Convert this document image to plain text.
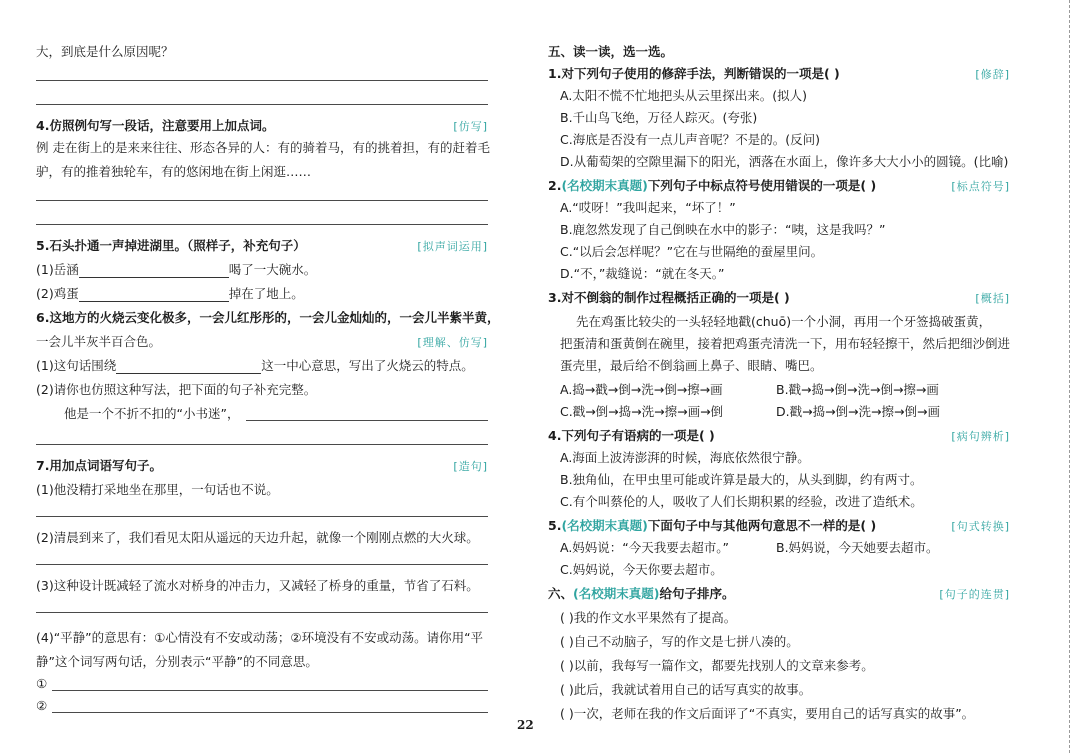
大，到底是什么原因呢？
4.仿照例句写一段话，注意要用上加点词。	[仿写]
例 走在街上的是来来往往、形态各异的人：有的骑着马，有的挑着担，有的赶着毛
驴，有的推着独轮车，有的悠闲地在街上闲逛……
5.石头扑通一声掉进湖里。（照样子，补充句子）	[拟声词运用]
(1)岳涵	喝了一大碗水。
(2)鸡蛋	掉在了地上。
6.这地方的火烧云变化极多，一会儿红彤彤的，一会儿金灿灿的，一会儿半紫半黄，
一会儿半灰半百合色。	[理解、仿写]
(1)这句话围绕	这一中心意思，写出了火烧云的特点。
(2)请你也仿照这种写法，把下面的句子补充完整。
他是一个不折不扣的“小书迷”，
7.用加点词语写句子。	[造句]
(1)他没精打采地坐在那里，一句话也不说。
(2)清晨到来了，我们看见太阳从遥远的天边升起，就像一个刚刚点燃的大火球。
(3)这种设计既减轻了流水对桥身的冲击力，又减轻了桥身的重量，节省了石料。
(4)“平静”的意思有：①心情没有不安或动荡；②环境没有不安或动荡。请你用“平
静”这个词写两句话，分别表示“平静”的不同意思。
①
②
五、读一读，选一选。
1.对下列句子使用的修辞手法，判断错误的一项是( )	[修辞]
A.太阳不慌不忙地把头从云里探出来。(拟人)
B.千山鸟飞绝，万径人踪灭。(夸张)
C.海底是否没有一点儿声音呢？不是的。(反问)
D.从葡萄架的空隙里漏下的阳光，洒落在水面上，像许多大大小小的圆镜。(比喻)
2.(名校期末真题)下列句子中标点符号使用错误的一项是( )	[标点符号]
A.“哎呀！”我叫起来，“坏了！”
B.鹿忽然发现了自己倒映在水中的影子：“咦，这是我吗？”
C.“以后会怎样呢？”它在与世隔绝的蚕屋里问。
D.“不，”裁缝说：“就在冬天。”
3.对不倒翁的制作过程概括正确的一项是( )	[概括]
先在鸡蛋比较尖的一头轻轻地戳(chuō)一个小洞，再用一个牙签捣破蛋黄，
把蛋清和蛋黄倒在碗里，接着把鸡蛋壳清洗一下，用布轻轻擦干，然后把细沙倒进
蛋壳里，最后给不倒翁画上鼻子、眼睛、嘴巴。
A.捣→戳→倒→洗→倒→擦→画	B.戳→捣→倒→洗→倒→擦→画
C.戳→倒→捣→洗→擦→画→倒	D.戳→捣→倒→洗→擦→倒→画
4.下列句子有语病的一项是( )	[病句辨析]
A.海面上波涛澎湃的时候，海底依然很宁静。
B.独角仙，在甲虫里可能或许算是最大的，从头到脚，约有两寸。
C.有个叫蔡伦的人，吸收了人们长期积累的经验，改进了造纸术。
5.(名校期末真题)下面句子中与其他两句意思不一样的是( )	[句式转换]
A.妈妈说：“今天我要去超市。”	B.妈妈说，今天她要去超市。
C.妈妈说，今天你要去超市。
六、(名校期末真题)给句子排序。	[句子的连贯]
( )我的作文水平果然有了提高。
( )自己不动脑子，写的作文是七拼八凑的。
( )以前，我每写一篇作文，都要先找别人的文章来参考。
( )此后，我就试着用自己的话写真实的故事。
( )一次，老师在我的作文后面评了“不真实，要用自己的话写真实的故事”。
22
